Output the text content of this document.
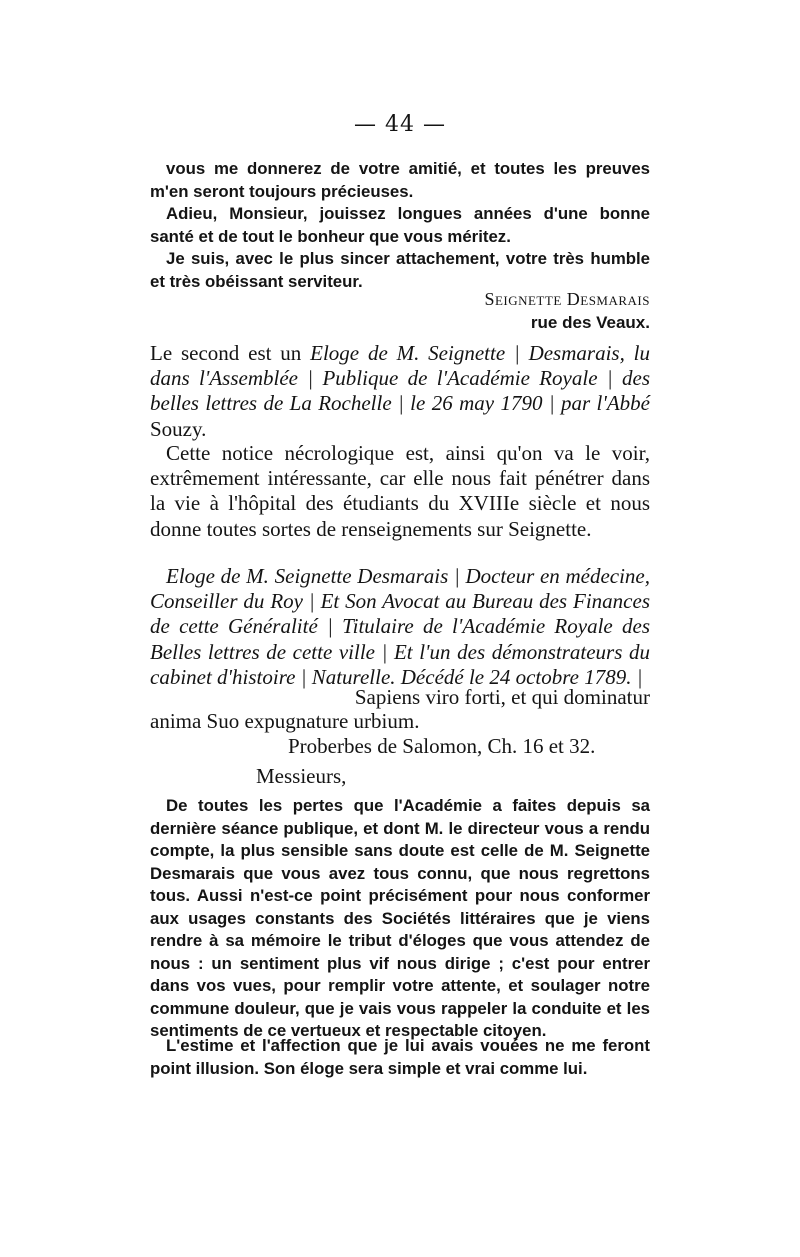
— 44 —

vous me donnerez de votre amitié, et toutes les preuves m'en seront toujours précieuses.

Adieu, Monsieur, jouissez longues années d'une bonne santé et de tout le bonheur que vous méritez.

Je suis, avec le plus sincer attachement, votre très humble et très obéissant serviteur.

Seignette Desmarais
rue des Veaux.

Le second est un Eloge de M. Seignette | Desmarais, lu dans l'Assemblée | Publique de l'Académie Royale | des belles lettres de La Rochelle | le 26 may 1790 | par l'Abbé Souzy.

Cette notice nécrologique est, ainsi qu'on va le voir, extrêmement intéressante, car elle nous fait pénétrer dans la vie à l'hôpital des étudiants du XVIIIe siècle et nous donne toutes sortes de renseignements sur Seignette.

Eloge de M. Seignette Desmarais | Docteur en médecine, Conseiller du Roy | Et Son Avocat au Bureau des Finances de cette Généralité | Titulaire de l'Académie Royale des Belles lettres de cette ville | Et l'un des démonstrateurs du cabinet d'histoire | Naturelle. Décédé le 24 octobre 1789. |

Sapiens viro forti, et qui dominatur
anima Suo expugnature urbium.
Proberbes de Salomon, Ch. 16 et 32.
Messieurs,

De toutes les pertes que l'Académie a faites depuis sa dernière séance publique, et dont M. le directeur vous a rendu compte, la plus sensible sans doute est celle de M. Seignette Desmarais que vous avez tous connu, que nous regrettons tous. Aussi n'est-ce point précisément pour nous conformer aux usages constants des Sociétés littéraires que je viens rendre à sa mémoire le tribut d'éloges que vous attendez de nous : un sentiment plus vif nous dirige ; c'est pour entrer dans vos vues, pour remplir votre attente, et soulager notre commune douleur, que je vais vous rappeler la conduite et les sentiments de ce vertueux et respectable citoyen.

L'estime et l'affection que je lui avais vouées ne me feront point illusion. Son éloge sera simple et vrai comme lui.
